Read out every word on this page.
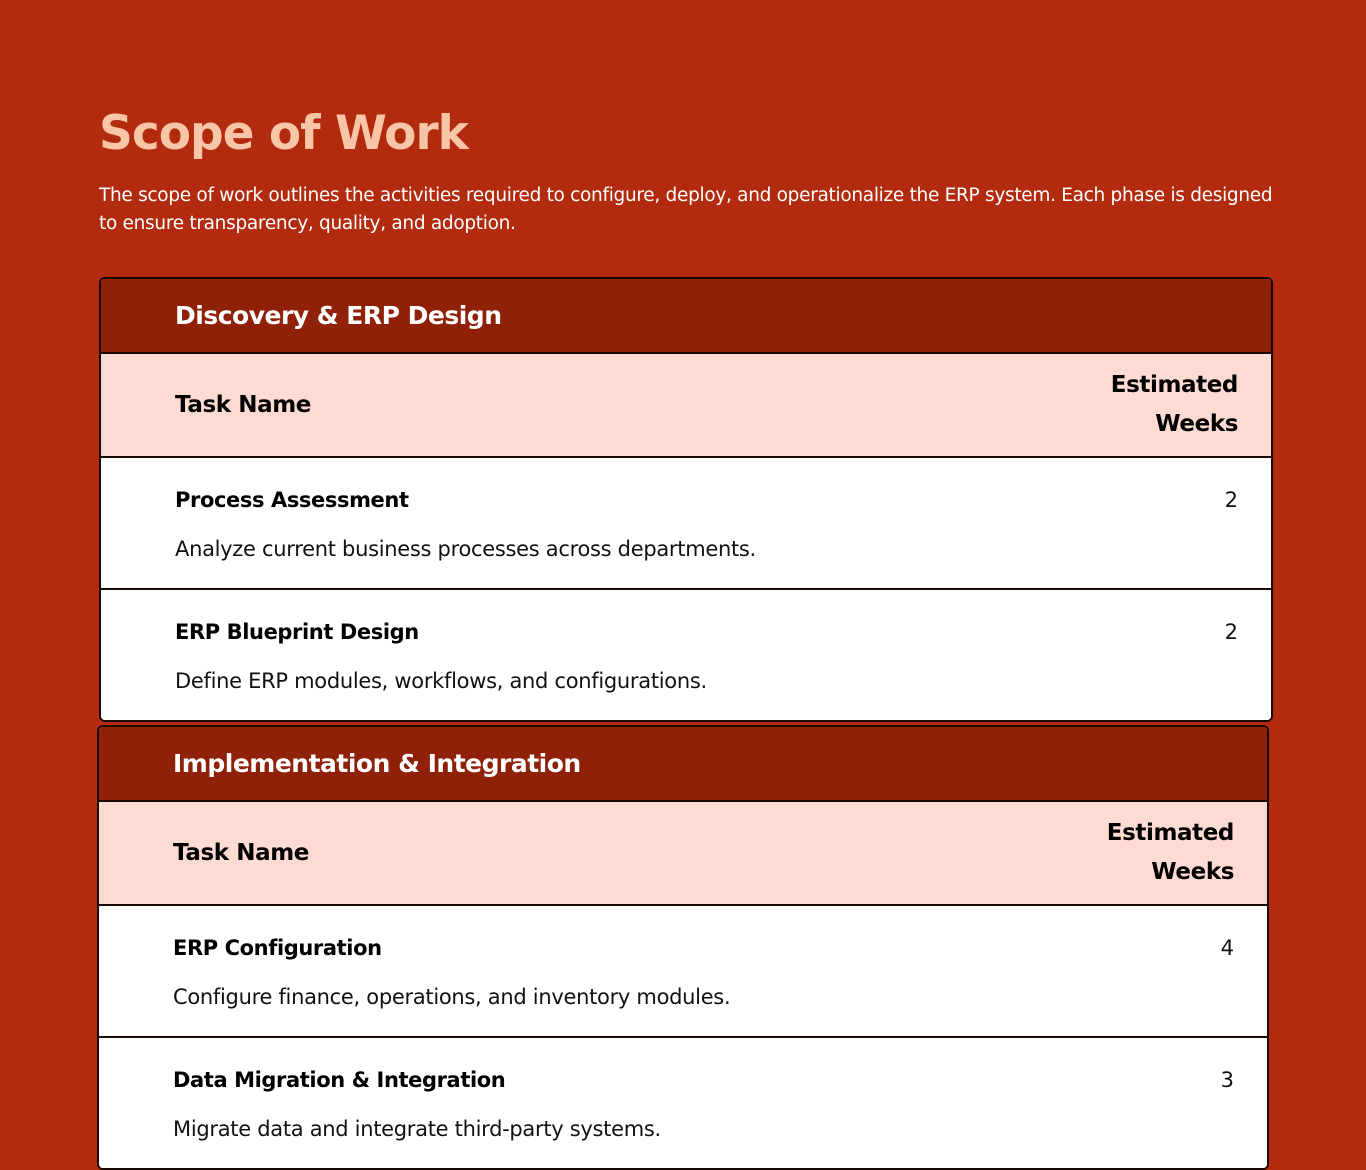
Scope of Work

The scope of work outlines the activities required to configure, deploy, and operationalize the ERP system. Each phase is designed to ensure transparency, quality, and adoption.

Discovery & ERP Design
Task Name
Estimated Weeks
Process Assessment
Analyze current business processes across departments.
2
ERP Blueprint Design
Define ERP modules, workflows, and configurations.
2
Implementation & Integration
Task Name
Estimated Weeks
ERP Configuration
Configure finance, operations, and inventory modules.
4
Data Migration & Integration
Migrate data and integrate third-party systems.
3
